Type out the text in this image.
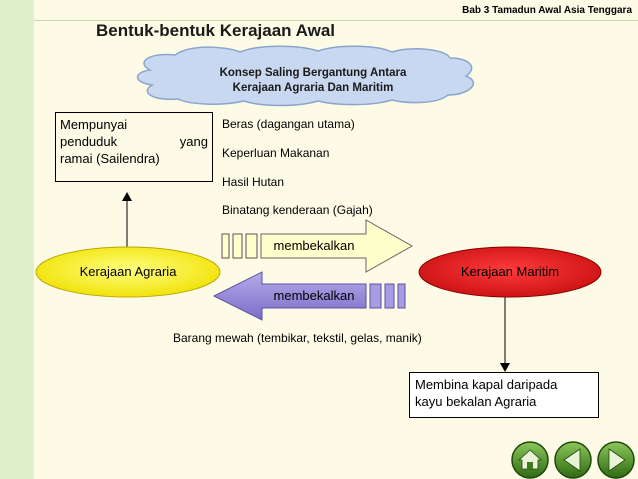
Bab 3 Tamadun Awal Asia Tenggara
Bentuk-bentuk Kerajaan Awal
Konsep Saling Bergantung Antara
Kerajaan Agraria Dan Maritim
Mempunyai
penduduk yang
ramai (Sailendra)
Beras (dagangan utama)
Keperluan Makanan
Hasil Hutan
Binatang kenderaan (Gajah)
Kerajaan Agraria	Kerajaan Maritim
membekalkan
membekalkan
Barang mewah (tembikar, tekstil, gelas, manik)
Membina kapal daripada
kayu bekalan Agraria
